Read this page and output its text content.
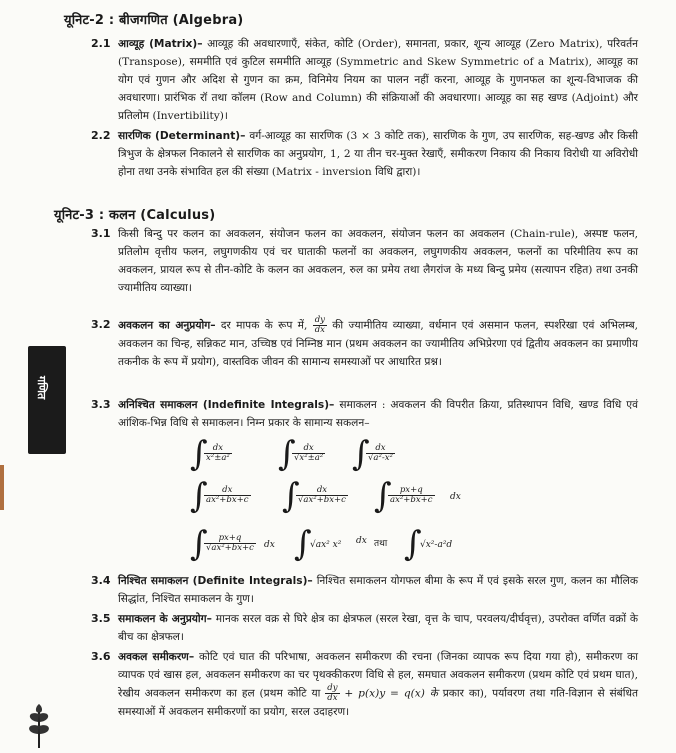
यूनिट-2 : बीजगणित (Algebra)
2.1 आव्यूह (Matrix)– आव्यूह की अवधारणाएँ, संकेत, कोटि (Order), समानता, प्रकार, शून्य आव्यूह (Zero Matrix), परिवर्तन (Transpose), सममीति एवं कुटिल सममीति आव्यूह (Symmetric and Skew Symmetric of a Matrix), आव्यूह का योग एवं गुणन और अदिश से गुणन का क्रम, विनिमेय नियम का पालन नहीं करना, आव्यूह के गुणनफल का शून्य-विभाजक की अवधारणा। प्रारंभिक रॉ तथा कॉलम (Row and Column) की संक्रियाओं की अवधारणा। आव्यूह का सह खण्ड (Adjoint) और प्रतिलोम (Invertibility)।
2.2 सारणिक (Determinant)– वर्ग-आव्यूह का सारणिक (3 × 3 कोटि तक), सारणिक के गुण, उप सारणिक, सह-खण्ड और किसी त्रिभुज के क्षेत्रफल निकालने से सारणिक का अनुप्रयोग, 1, 2 या तीन चर-मुक्त रेखाएँ, समीकरण निकाय की निकाय विरोधी या अविरोधी होना तथा उनके संभावित हल की संख्या (Matrix - inversion विधि द्वारा)।
यूनिट-3 : कलन (Calculus)
3.1 किसी बिन्दु पर कलन का अवकलन, संयोजन फलन का अवकलन, संयोजन फलन का अवकलन (Chain-rule), अस्पष्ट फलन, प्रतिलोम वृत्तीय फलन, लघुगणकीय एवं चर घाताकी फलनों का अवकलन, लघुगणकीय अवकलन, फलनों का परिमीतिय रूप का अवकलन, प्रायल रूप से तीन-कोटि के कलन का अवकलन, रुल का प्रमेय तथा लैगरांज के मध्य बिन्दु प्रमेय (सत्यापन रहित) तथा उनकी ज्यामीतिय व्याख्या।
3.2 अवकलन का अनुप्रयोग– दर मापक के रूप में, $\frac{dy}{dx}$ की ज्यामीतिय व्याख्या, वर्धमान एवं असमान फलन, स्पर्शरेखा एवं अभिलम्ब, अवकलन का चिन्ह, सन्निकट मान, उच्चिष्ठ एवं निम्निष्ठ मान (प्रथम अवकलन का ज्यामीतिय अभिप्रेरणा एवं द्वितीय अवकलन का प्रमाणीय तकनीक के रूप में प्रयोग), वास्तविक जीवन की सामान्य समस्याओं पर आधारित प्रश्न।
3.3 अनिश्चित समाकलन (Indefinite Integrals)– समाकलन : अवकलन की विपरीत क्रिया, प्रतिस्थापन विधि, खण्ड विधि एवं आंशिक-भिन्न विधि से समाकलन। निम्न प्रकार के सामान्य सकलन–
∫
$\frac{dx}{\text{x²±a²}}$ ∫
$\frac{dx}{\text{√x²±a²}}$ ∫
$\frac{dx}{\text{√a²-x²}}$
∫
$\frac{dx}{\text{ax²+bx+c}}$ ∫
$\frac{dx}{\text{√ax²+bx+c}}$ ∫
$\frac{px+q}{\text{ax²+bx+c}}$ dx
∫
$\frac{px+q}{\text{√ax²+bx+c}}$ dx ∫
√ax² x² dx तथा ∫
√x²-a²d
3.4 निश्चित समाकलन (Definite Integrals)– निश्चित समाकलन योगफल बीमा के रूप में एवं इसके सरल गुण, कलन का मौलिक सिद्धांत, निश्चित समाकलन के गुण।
3.5 समाकलन के अनुप्रयोग– मानक सरल वक्र से घिरे क्षेत्र का क्षेत्रफल (सरल रेखा, वृत्त के चाप, परवलय/दीर्घवृत्त), उपरोक्त वर्णित वक्रों के बीच का क्षेत्रफल।
3.6 अवकल समीकरण– कोटि एवं घात की परिभाषा, अवकलन समीकरण की रचना (जिनका व्यापक रूप दिया गया हो), समीकरण का व्यापक एवं खास हल, अवकलन समीकरण का चर पृथक्कीकरण विधि से हल, समघात अवकलन समीकरण (प्रथम कोटि एवं प्रथम घात), रेखीय अवकलन समीकरण का हल (प्रथम कोटि या $\frac{dy}{dx} + p(x)y = q(x)$ के प्रकार का), पर्यावरण तथा गति-विज्ञान से संबंधित समस्याओं में अवकलन समीकरणों का प्रयोग, सरल उदाहरण।
गणित
